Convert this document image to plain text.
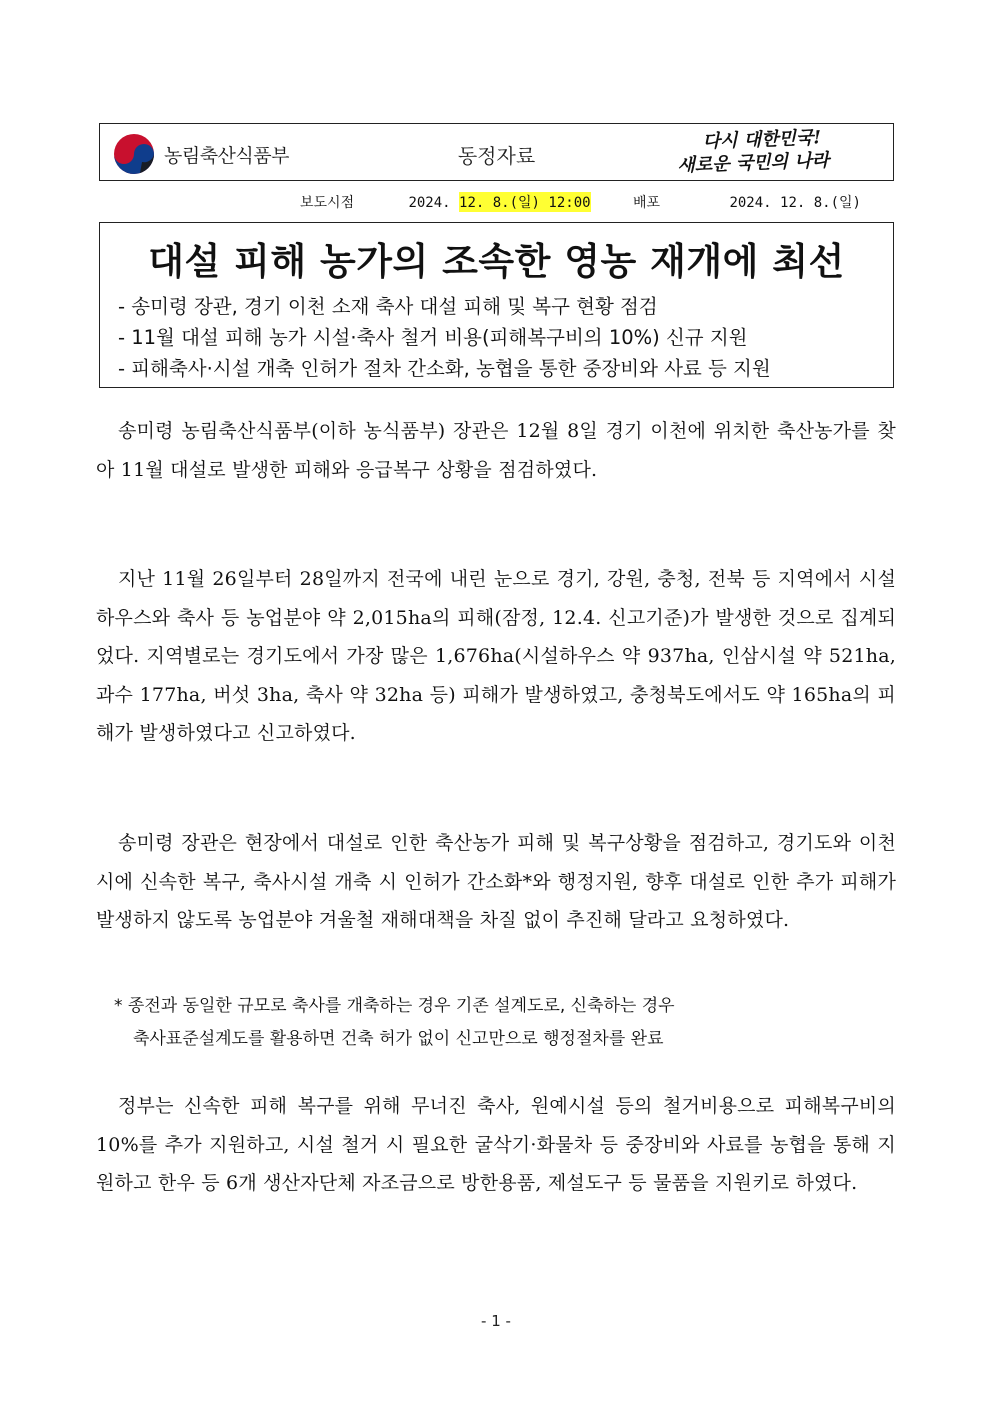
농림축산식품부	동정자료
다시 대한민국!
새로운 국민의 나라
보도시점	2024. 12. 8.(일) 12:00	배포	2024. 12. 8.(일)
대설 피해 농가의 조속한 영농 재개에 최선
- 송미령 장관, 경기 이천 소재 축사 대설 피해 및 복구 현황 점검
- 11월 대설 피해 농가 시설·축사 철거 비용(피해복구비의 10%) 신규 지원
- 피해축사·시설 개축 인허가 절차 간소화, 농협을 통한 중장비와 사료 등 지원

송미령 농림축산식품부(이하 농식품부) 장관은 12월 8일 경기 이천에 위치한 축산농가를 찾아 11월 대설로 발생한 피해와 응급복구 상황을 점검하였다.

지난 11월 26일부터 28일까지 전국에 내린 눈으로 경기, 강원, 충청, 전북 등 지역에서 시설하우스와 축사 등 농업분야 약 2,015ha의 피해(잠정, 12.4. 신고기준)가 발생한 것으로 집계되었다. 지역별로는 경기도에서 가장 많은 1,676ha(시설하우스 약 937ha, 인삼시설 약 521ha, 과수 177ha, 버섯 3ha, 축사 약 32ha 등) 피해가 발생하였고, 충청북도에서도 약 165ha의 피해가 발생하였다고 신고하였다.

송미령 장관은 현장에서 대설로 인한 축산농가 피해 및 복구상황을 점검하고, 경기도와 이천시에 신속한 복구, 축사시설 개축 시 인허가 간소화*와 행정지원, 향후 대설로 인한 추가 피해가 발생하지 않도록 농업분야 겨울철 재해대책을 차질 없이 추진해 달라고 요청하였다.

* 종전과 동일한 규모로 축사를 개축하는 경우 기존 설계도로, 신축하는 경우
축사표준설계도를 활용하면 건축 허가 없이 신고만으로 행정절차를 완료

정부는 신속한 피해 복구를 위해 무너진 축사, 원예시설 등의 철거비용으로 피해복구비의 10%를 추가 지원하고, 시설 철거 시 필요한 굴삭기·화물차 등 중장비와 사료를 농협을 통해 지원하고 한우 등 6개 생산자단체 자조금으로 방한용품, 제설도구 등 물품을 지원키로 하였다.

- 1 -
